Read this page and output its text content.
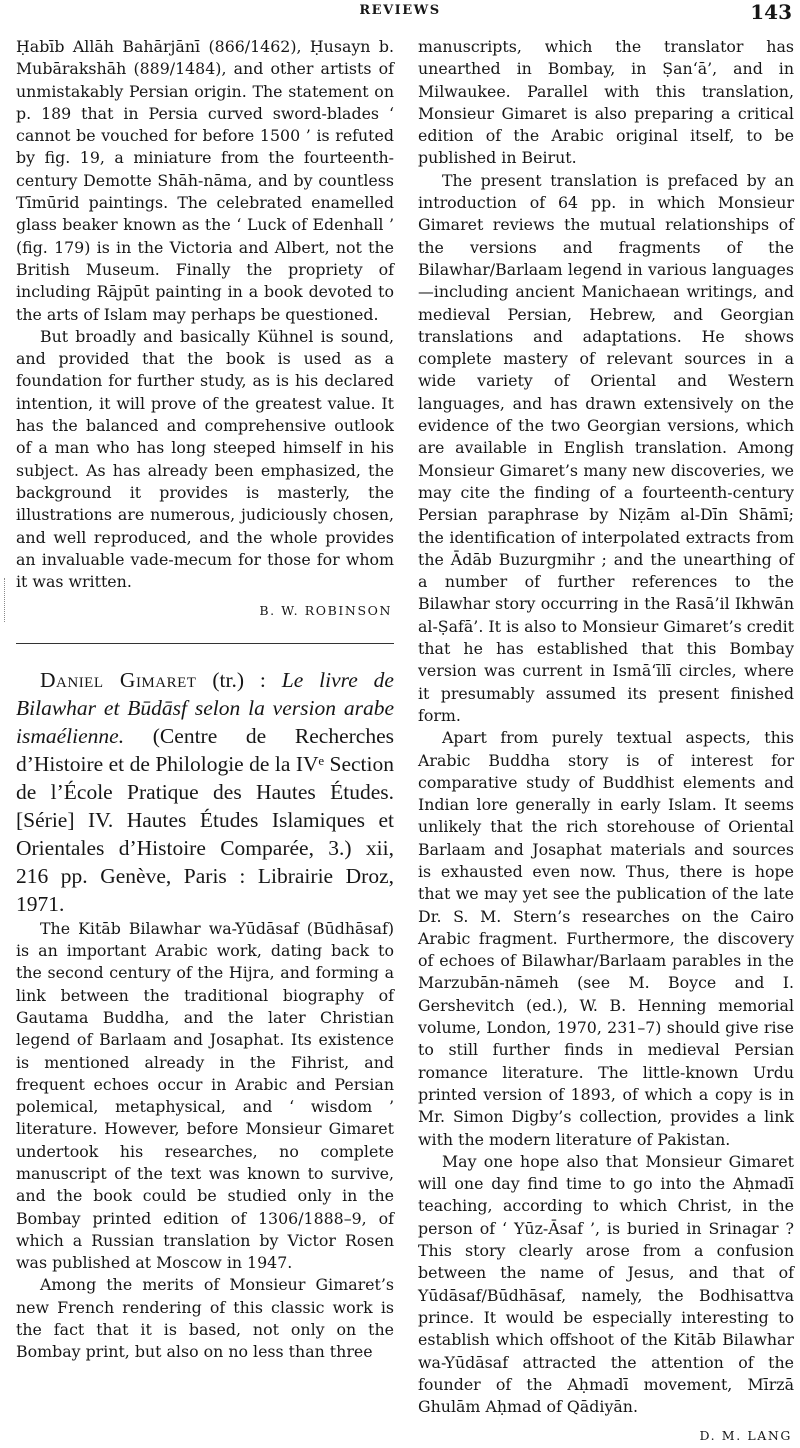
REVIEWS	143

Ḥabīb Allāh Bahārjānī (866/1462), Ḥusayn b. Mubārakshāh (889/1484), and other artists of unmistakably Persian origin. The statement on p. 189 that in Persia curved sword-blades ‘ cannot be vouched for before 1500 ’ is refuted by fig. 19, a miniature from the fourteenth-century Demotte Shāh-nāma, and by countless Tīmūrid paintings. The celebrated enamelled glass beaker known as the ‘ Luck of Edenhall ’ (fig. 179) is in the Victoria and Albert, not the British Museum. Finally the propriety of including Rājpūt painting in a book devoted to the arts of Islam may perhaps be questioned.

But broadly and basically Kühnel is sound, and provided that the book is used as a foundation for further study, as is his declared intention, it will prove of the greatest value. It has the balanced and comprehensive outlook of a man who has long steeped himself in his subject. As has already been emphasized, the background it provides is masterly, the illustrations are numerous, judiciously chosen, and well reproduced, and the whole provides an invaluable vade-mecum for those for whom it was written.

B. W. ROBINSON

Daniel Gimaret (tr.) : Le livre de Bilawhar et Būdāsf selon la version arabe ismaélienne. (Centre de Recherches d’Histoire et de Philologie de la IVᵉ Section de l’École Pratique des Hautes Études. [Série] IV. Hautes Études Islamiques et Orientales d’Histoire Comparée, 3.) xii, 216 pp. Genève, Paris : Librairie Droz, 1971.

The Kitāb Bilawhar wa-Yūdāsaf (Būdhāsaf) is an important Arabic work, dating back to the second century of the Hijra, and forming a link between the traditional biography of Gautama Buddha, and the later Christian legend of Barlaam and Josaphat. Its existence is mentioned already in the Fihrist, and frequent echoes occur in Arabic and Persian polemical, metaphysical, and ‘ wisdom ’ literature. However, before Monsieur Gimaret undertook his researches, no complete manuscript of the text was known to survive, and the book could be studied only in the Bombay printed edition of 1306/1888–9, of which a Russian translation by Victor Rosen was published at Moscow in 1947.

Among the merits of Monsieur Gimaret’s new French rendering of this classic work is the fact that it is based, not only on the Bombay print, but also on no less than three

manuscripts, which the translator has unearthed in Bombay, in Ṣan‘ā’, and in Milwaukee. Parallel with this translation, Monsieur Gimaret is also preparing a critical edition of the Arabic original itself, to be published in Beirut.

The present translation is prefaced by an introduction of 64 pp. in which Monsieur Gimaret reviews the mutual relationships of the versions and fragments of the Bilawhar/Barlaam legend in various languages—including ancient Manichaean writings, and medieval Persian, Hebrew, and Georgian translations and adaptations. He shows complete mastery of relevant sources in a wide variety of Oriental and Western languages, and has drawn extensively on the evidence of the two Georgian versions, which are available in English translation. Among Monsieur Gimaret’s many new discoveries, we may cite the finding of a fourteenth-century Persian paraphrase by Niẓām al-Dīn Shāmī; the identification of interpolated extracts from the Ādāb Buzurgmihr ; and the unearthing of a number of further references to the Bilawhar story occurring in the Rasā’il Ikhwān al-Ṣafā’. It is also to Monsieur Gimaret’s credit that he has established that this Bombay version was current in Ismā‘īlī circles, where it presumably assumed its present finished form.

Apart from purely textual aspects, this Arabic Buddha story is of interest for comparative study of Buddhist elements and Indian lore generally in early Islam. It seems unlikely that the rich storehouse of Oriental Barlaam and Josaphat materials and sources is exhausted even now. Thus, there is hope that we may yet see the publication of the late Dr. S. M. Stern’s researches on the Cairo Arabic fragment. Furthermore, the discovery of echoes of Bilawhar/Barlaam parables in the Marzubān-nāmeh (see M. Boyce and I. Gershevitch (ed.), W. B. Henning memorial volume, London, 1970, 231–7) should give rise to still further finds in medieval Persian romance literature. The little-known Urdu printed version of 1893, of which a copy is in Mr. Simon Digby’s collection, provides a link with the modern literature of Pakistan.

May one hope also that Monsieur Gimaret will one day find time to go into the Aḥmadī teaching, according to which Christ, in the person of ‘ Yūz-Āsaf ’, is buried in Srinagar ? This story clearly arose from a confusion between the name of Jesus, and that of Yūdāsaf/Būdhāsaf, namely, the Bodhisattva prince. It would be especially interesting to establish which offshoot of the Kitāb Bilawhar wa-Yūdāsaf attracted the attention of the founder of the Aḥmadī movement, Mīrzā Ghulām Aḥmad of Qādiyān.

D. M. LANG
